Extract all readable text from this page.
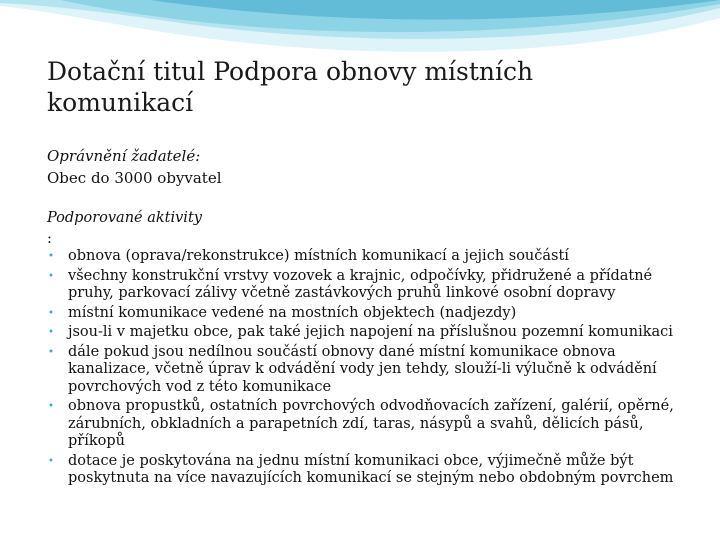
Dotační titul Podpora obnovy místních komunikací
Oprávnění žadatelé:
Obec do 3000 obyvatel
Podporované aktivity
:
• obnova (oprava/rekonstrukce) místních komunikací a jejich součástí
• všechny konstrukční vrstvy vozovek a krajnic, odpočívky, přidružené a přídatné pruhy, parkovací zálivy včetně zastávkových pruhů linkové osobní dopravy
• místní komunikace vedené na mostních objektech (nadjezdy)
• jsou-li v majetku obce, pak také jejich napojení na příslušnou pozemní komunikaci
• dále pokud jsou nedílnou součástí obnovy dané místní komunikace obnova kanalizace, včetně úprav k odvádění vody jen tehdy, slouží-li výlučně k odvádění povrchových vod z této komunikace
• obnova propustků, ostatních povrchových odvodňovacích zařízení, galérií, opěrné, zárubních, obkladních a parapetních zdí, taras, násypů a svahů, dělicích pásů, příkopů
• dotace je poskytována na jednu místní komunikaci obce, výjimečně může být poskytnuta na více navazujících komunikací se stejným nebo obdobným povrchem
